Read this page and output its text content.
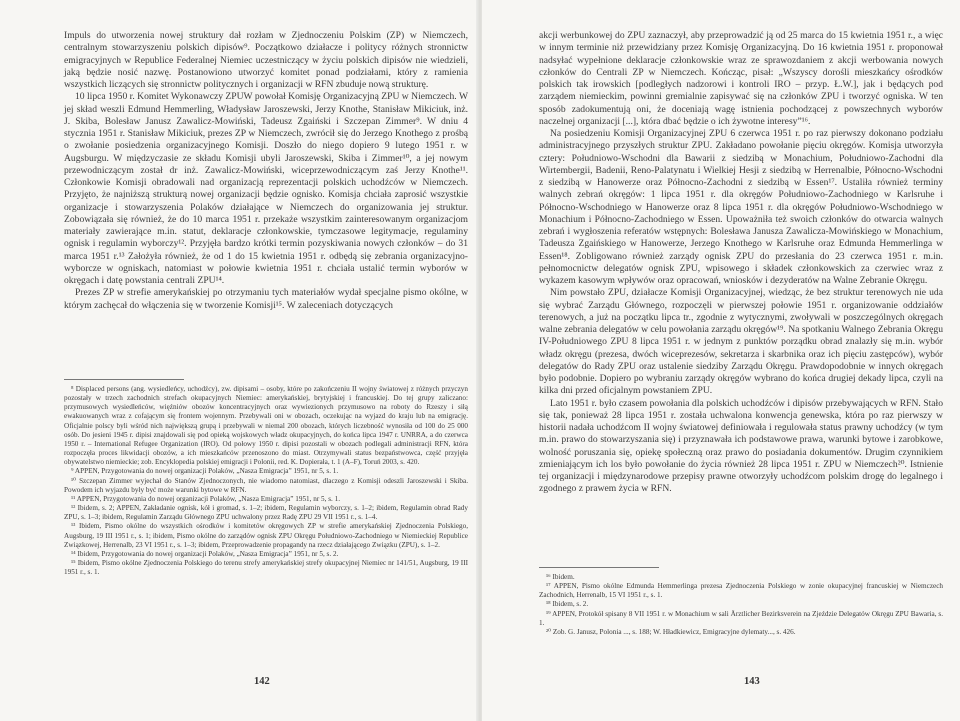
Impuls do utworzenia nowej struktury dał rozłam w Zjednoczeniu Polskim (ZP) w Niemczech, centralnym stowarzyszeniu polskich dipisów⁹. Początkowo działacze i politycy różnych stronnictw emigracyjnych w Republice Federalnej Niemiec uczestniczący w życiu polskich dipisów nie wiedzieli, jaką będzie nosić nazwę. Postanowiono utworzyć komitet ponad podziałami, który z ramienia wszystkich liczących się stronnictw politycznych i organizacji w RFN zbuduje nową strukturę.

10 lipca 1950 r. Komitet Wykonawczy ZPUW powołał Komisję Organizacyjną ZPU w Niemczech. W jej skład weszli Edmund Hemmerling, Władysław Jaroszewski, Jerzy Knothe, Stanisław Mikiciuk, inż. J. Skiba, Bolesław Janusz Zawalicz-Mowiński, Tadeusz Zgaiński i Szczepan Zimmer⁹. W dniu 4 stycznia 1951 r. Stanisław Mikiciuk, prezes ZP w Niemczech, zwrócił się do Jerzego Knothego z prośbą o zwołanie posiedzenia organizacyjnego Komisji. Doszło do niego dopiero 9 lutego 1951 r. w Augsburgu. W międzyczasie ze składu Komisji ubyli Jaroszewski, Skiba i Zimmer¹⁰, a jej nowym przewodniczącym został dr inż. Zawalicz-Mowiński, wiceprzewodniczącym zaś Jerzy Knothe¹¹. Członkowie Komisji obradowali nad organizacją reprezentacji polskich uchodźców w Niemczech. Przyjęto, że najniższą strukturą nowej organizacji będzie ognisko. Komisja chciała zaprosić wszystkie organizacje i stowarzyszenia Polaków działające w Niemczech do organizowania jej struktur. Zobowiązała się również, że do 10 marca 1951 r. przekaże wszystkim zainteresowanym organizacjom materiały zawierające m.in. statut, deklaracje członkowskie, tymczasowe legitymacje, regulaminy ognisk i regulamin wyborczy¹². Przyjęła bardzo krótki termin pozyskiwania nowych członków – do 31 marca 1951 r.¹³ Założyła również, że od 1 do 15 kwietnia 1951 r. odbędą się zebrania organizacyjno-wyborcze w ogniskach, natomiast w połowie kwietnia 1951 r. chciała ustalić termin wyborów w okręgach i datę powstania centrali ZPU¹⁴.

Prezes ZP w strefie amerykańskiej po otrzymaniu tych materiałów wydał specjalne pismo okólne, w którym zachęcał do włączenia się w tworzenie Komisji¹⁵. W zaleceniach dotyczących

⁸ Displaced persons (ang. wysiedleńcy, uchodźcy), zw. dipisami – osoby, które po zakończeniu II wojny światowej z różnych przyczyn pozostały w trzech zachodnich strefach okupacyjnych Niemiec: amerykańskiej, brytyjskiej i francuskiej. Do tej grupy zaliczano: przymusowych wysiedleńców, więźniów obozów koncentracyjnych oraz wywiezionych przymusowo na roboty do Rzeszy i siłą ewakuowanych wraz z cofającym się frontem wojennym. Przebywali oni w obozach, oczekując na wyjazd do kraju lub na emigrację. Oficjalnie polscy byli wśród nich największą grupą i przebywali w niemal 200 obozach, których liczebność wynosiła od 100 do 25 000 osób. Do jesieni 1945 r. dipisi znajdowali się pod opieką wojskowych władz okupacyjnych, do końca lipca 1947 r. UNRRA, a do czerwca 1950 r. – International Refugee Organization (IRO). Od połowy 1950 r. dipisi pozostali w obozach podlegali administracji RFN, która rozpoczęła proces likwidacji obozów, a ich mieszkańców przenoszono do miast. Otrzymywali status bezpaństwowca, część przyjęła obywatelstwo niemieckie; zob. Encyklopedia polskiej emigracji i Polonii, red. K. Dopierała, t. 1 (A–F), Toruń 2003, s. 420.

⁹ APPEN, Przygotowania do nowej organizacji Polaków, „Nasza Emigracja” 1951, nr 5, s. 1.

¹⁰ Szczepan Zimmer wyjechał do Stanów Zjednoczonych, nie wiadomo natomiast, dlaczego z Komisji odeszli Jaroszewski i Skiba. Powodem ich wyjazdu były być może warunki bytowe w RFN.

¹¹ APPEN, Przygotowania do nowej organizacji Polaków, „Nasza Emigracja” 1951, nr 5, s. 1.

¹² Ibidem, s. 2; APPEN, Zakładanie ognisk, kół i gromad, s. 1–2; ibidem, Regulamin wyborczy, s. 1–2; ibidem, Regulamin obrad Rady ZPU, s. 1–3; ibidem, Regulamin Zarządu Głównego ZPU uchwalony przez Radę ZPU 29 VII 1951 r., s. 1–4.

¹³ Ibidem, Pismo okólne do wszystkich ośrodków i komitetów okręgowych ZP w strefie amerykańskiej Zjednoczenia Polskiego, Augsburg, 19 III 1951 r., s. 1; ibidem, Pismo okólne do zarządów ognisk ZPU Okręgu Południowo-Zachodniego w Niemieckiej Republice Związkowej, Herrenalb, 23 VI 1951 r., s. 1–3; ibidem, Przeprowadzenie propagandy na rzecz działającego Związku (ZPU), s. 1–2.

¹⁴ Ibidem, Przygotowania do nowej organizacji Polaków, „Nasza Emigracja” 1951, nr 5, s. 2.

¹⁵ Ibidem, Pismo okólne Zjednoczenia Polskiego do terenu strefy amerykańskiej strefy okupacyjnej Niemiec nr 141/51, Augsburg, 19 III 1951 r., s. 1.

142

akcji werbunkowej do ZPU zaznaczył, aby przeprowadzić ją od 25 marca do 15 kwietnia 1951 r., a więc w innym terminie niż przewidziany przez Komisję Organizacyjną. Do 16 kwietnia 1951 r. proponował nadsyłać wypełnione deklaracje członkowskie wraz ze sprawozdaniem z akcji werbowania nowych członków do Centrali ZP w Niemczech. Kończąc, pisał: „Wszyscy dorośli mieszkańcy ośrodków polskich tak irowskich [podległych nadzorowi i kontroli IRO – przyp. Ł.W.], jak i będących pod zarządem niemieckim, powinni gremialnie zapisywać się na członków ZPU i tworzyć ogniska. W ten sposób zadokumentują oni, że doceniają wagę istnienia pochodzącej z powszechnych wyborów naczelnej organizacji [...], która dbać będzie o ich żywotne interesy”¹⁶.

Na posiedzeniu Komisji Organizacyjnej ZPU 6 czerwca 1951 r. po raz pierwszy dokonano podziału administracyjnego przyszłych struktur ZPU. Zakładano powołanie pięciu okręgów. Komisja utworzyła cztery: Południowo-Wschodni dla Bawarii z siedzibą w Monachium, Południowo-Zachodni dla Wirtembergii, Badenii, Reno-Palatynatu i Wielkiej Hesji z siedzibą w Herrenalbie, Północno-Wschodni z siedzibą w Hanowerze oraz Północno-Zachodni z siedzibą w Essen¹⁷. Ustaliła również terminy walnych zebrań okręgów: 1 lipca 1951 r. dla okręgów Południowo-Zachodniego w Karlsruhe i Północno-Wschodniego w Hanowerze oraz 8 lipca 1951 r. dla okręgów Południowo-Wschodniego w Monachium i Północno-Zachodniego w Essen. Upoważniła też swoich członków do otwarcia walnych zebrań i wygłoszenia referatów wstępnych: Bolesława Janusza Zawalicza-Mowińskiego w Monachium, Tadeusza Zgaińskiego w Hanowerze, Jerzego Knothego w Karlsruhe oraz Edmunda Hemmerlinga w Essen¹⁸. Zobligowano również zarządy ognisk ZPU do przesłania do 23 czerwca 1951 r. m.in. pełnomocnictw delegatów ognisk ZPU, wpisowego i składek członkowskich za czerwiec wraz z wykazem kasowym wpływów oraz opracowań, wniosków i dezyderatów na Walne Zebranie Okręgu.

Nim powstało ZPU, działacze Komisji Organizacyjnej, wiedząc, że bez struktur terenowych nie uda się wybrać Zarządu Głównego, rozpoczęli w pierwszej połowie 1951 r. organizowanie oddziałów terenowych, a już na początku lipca tr., zgodnie z wytycznymi, zwoływali w poszczególnych okręgach walne zebrania delegatów w celu powołania zarządu okręgów¹⁹. Na spotkaniu Walnego Zebrania Okręgu IV-Południowego ZPU 8 lipca 1951 r. w jednym z punktów porządku obrad znalazły się m.in. wybór władz okręgu (prezesa, dwóch wiceprezesów, sekretarza i skarbnika oraz ich pięciu zastępców), wybór delegatów do Rady ZPU oraz ustalenie siedziby Zarządu Okręgu. Prawdopodobnie w innych okręgach było podobnie. Dopiero po wybraniu zarządy okręgów wybrano do końca drugiej dekady lipca, czyli na kilka dni przed oficjalnym powstaniem ZPU.

Lato 1951 r. było czasem powołania dla polskich uchodźców i dipisów przebywających w RFN. Stało się tak, ponieważ 28 lipca 1951 r. została uchwalona konwencja genewska, która po raz pierwszy w historii nadała uchodźcom II wojny światowej definiowała i regulowała status prawny uchodźcy (w tym m.in. prawo do stowarzyszania się) i przyznawała ich podstawowe prawa, warunki bytowe i zarobkowe, wolność poruszania się, opiekę społeczną oraz prawo do posiadania dokumentów. Drugim czynnikiem zmieniającym ich los było powołanie do życia również 28 lipca 1951 r. ZPU w Niemczech²⁰. Istnienie tej organizacji i międzynarodowe przepisy prawne otworzyły uchodźcom polskim drogę do legalnego i zgodnego z prawem życia w RFN.

¹⁶ Ibidem.

¹⁷ APPEN, Pismo okólne Edmunda Hemmerlinga prezesa Zjednoczenia Polskiego w zonie okupacyjnej francuskiej w Niemczech Zachodnich, Herrenalb, 15 VI 1951 r., s. 1.

¹⁸ Ibidem, s. 2.

¹⁹ APPEN, Protokół spisany 8 VII 1951 r. w Monachium w sali Ärztlicher Bezirksverein na Zjeździe Delegatów Okręgu ZPU Bawaria, s. 1.

²⁰ Zob. G. Janusz, Polonia ..., s. 188; W. Hładkiewicz, Emigracyjne dylematy..., s. 426.

143
